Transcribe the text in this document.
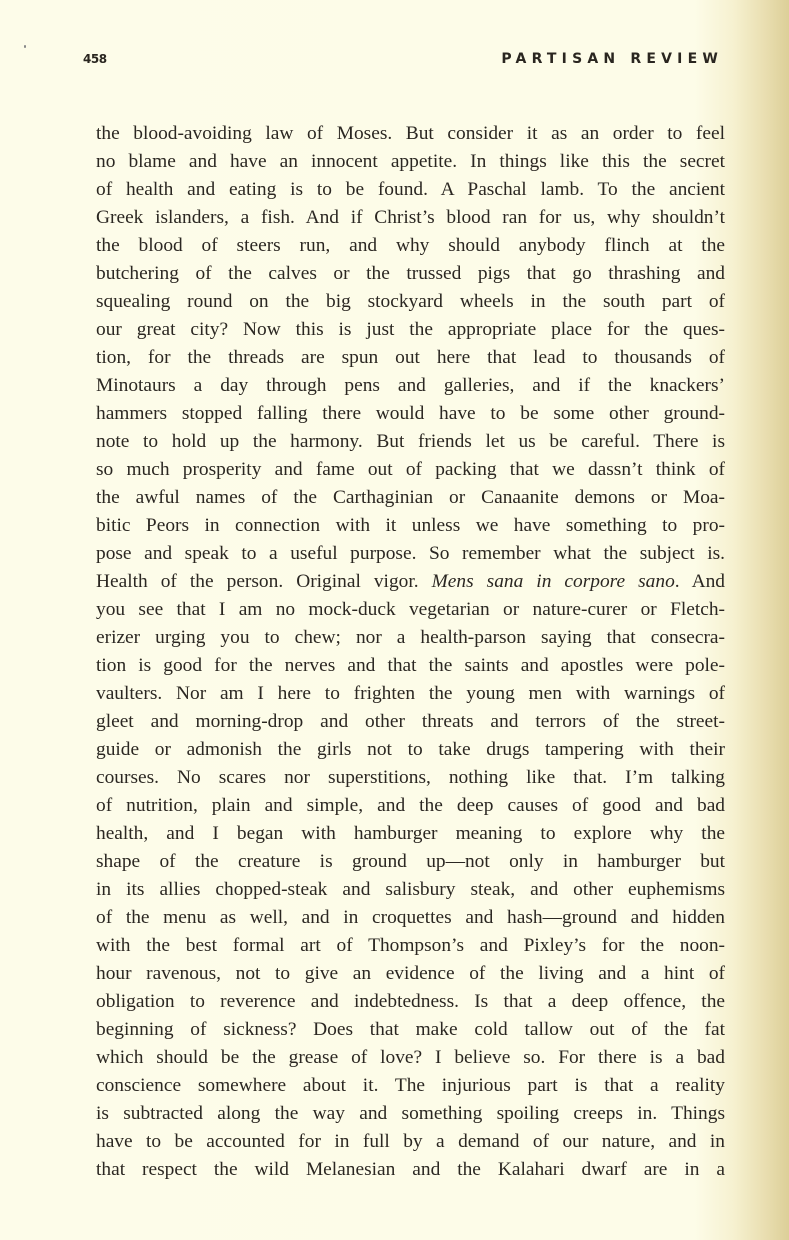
458	PARTISAN REVIEW
the blood-avoiding law of Moses. But consider it as an order to feel
no blame and have an innocent appetite. In things like this the secret
of health and eating is to be found. A Paschal lamb. To the ancient
Greek islanders, a fish. And if Christ’s blood ran for us, why shouldn’t
the blood of steers run, and why should anybody flinch at the
butchering of the calves or the trussed pigs that go thrashing and
squealing round on the big stockyard wheels in the south part of
our great city? Now this is just the appropriate place for the ques-
tion, for the threads are spun out here that lead to thousands of
Minotaurs a day through pens and galleries, and if the knackers’
hammers stopped falling there would have to be some other ground-
note to hold up the harmony. But friends let us be careful. There is
so much prosperity and fame out of packing that we dassn’t think of
the awful names of the Carthaginian or Canaanite demons or Moa-
bitic Peors in connection with it unless we have something to pro-
pose and speak to a useful purpose. So remember what the subject is.
Health of the person. Original vigor. Mens sana in corpore sano. And
you see that I am no mock-duck vegetarian or nature-curer or Fletch-
erizer urging you to chew; nor a health-parson saying that consecra-
tion is good for the nerves and that the saints and apostles were pole-
vaulters. Nor am I here to frighten the young men with warnings of
gleet and morning-drop and other threats and terrors of the street-
guide or admonish the girls not to take drugs tampering with their
courses. No scares nor superstitions, nothing like that. I’m talking
of nutrition, plain and simple, and the deep causes of good and bad
health, and I began with hamburger meaning to explore why the
shape of the creature is ground up—not only in hamburger but
in its allies chopped-steak and salisbury steak, and other euphemisms
of the menu as well, and in croquettes and hash—ground and hidden
with the best formal art of Thompson’s and Pixley’s for the noon-
hour ravenous, not to give an evidence of the living and a hint of
obligation to reverence and indebtedness. Is that a deep offence, the
beginning of sickness? Does that make cold tallow out of the fat
which should be the grease of love? I believe so. For there is a bad
conscience somewhere about it. The injurious part is that a reality
is subtracted along the way and something spoiling creeps in. Things
have to be accounted for in full by a demand of our nature, and in
that respect the wild Melanesian and the Kalahari dwarf are in a
